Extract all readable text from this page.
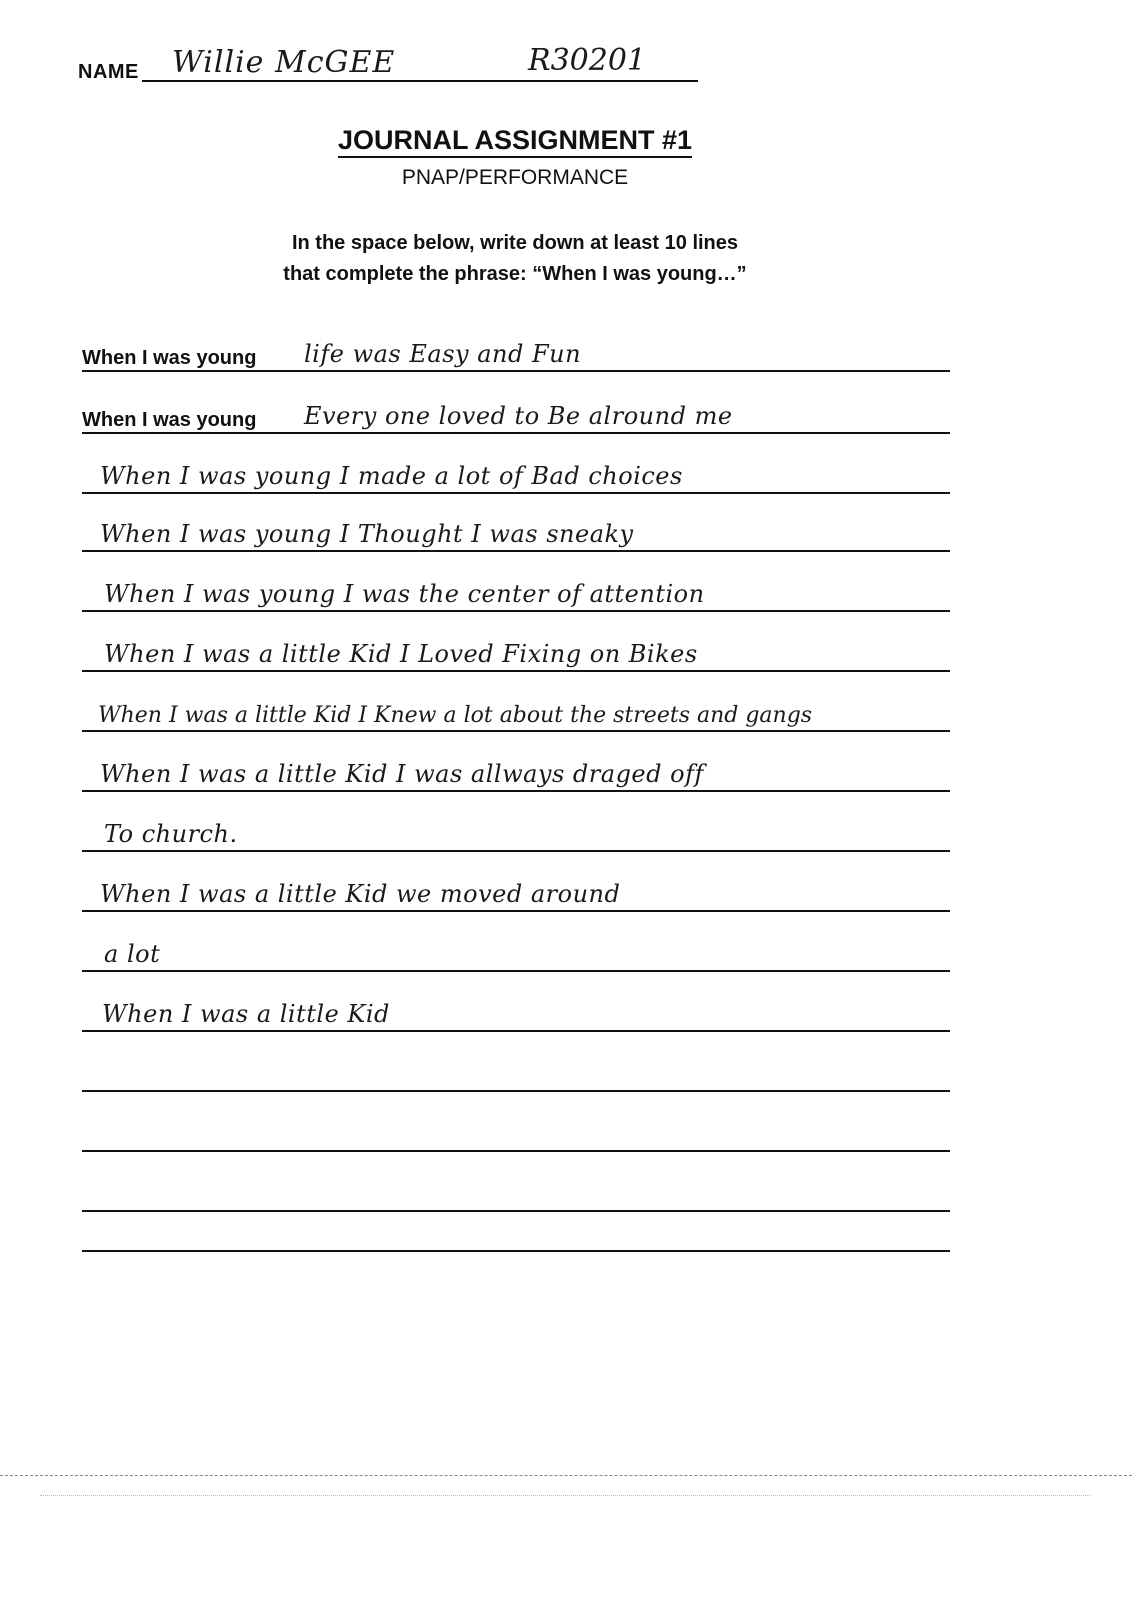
NAME Willie McGEE	R30201
JOURNAL ASSIGNMENT #1
PNAP/PERFORMANCE
In the space below, write down at least 10 lines
that complete the phrase: “When I was young…”
When I was young life was Easy and Fun
When I was young Every one loved to Be alround me
When I was young I made a lot of Bad choices
When I was young I Thought I was sneaky
When I was young I was the center of attention
When I was a little Kid I Loved Fixing on Bikes
When I was a little Kid I Knew a lot about the streets and gangs
When I was a little Kid I was allways draged off
To church.
When I was a little Kid we moved around
a lot
When I was a little Kid
